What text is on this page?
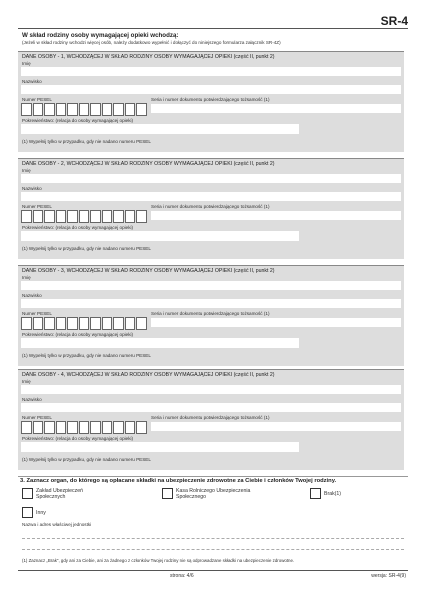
SR-4
W skład rodziny osoby wymagającej opieki wchodzą:
(Jeżeli w skład rodziny wchodzi więcej osób, należy dodatkowo wypełnić i dołączyć do niniejszego formularza załącznik SR-4Z)
DANE OSOBY - 1, WCHODZĄCEJ W SKŁAD RODZINY OSOBY WYMAGAJĄCEJ OPIEKI (część II, punkt 2)
Imię
Nazwisko
Numer PESEL	Seria i numer dokumentu potwierdzającego tożsamość (1)
Pokrewieństwo: (relacja do osoby wymagającej opieki)
(1) Wypełnij tylko w przypadku, gdy nie nadano numeru PESEL
DANE OSOBY - 2, WCHODZĄCEJ W SKŁAD RODZINY OSOBY WYMAGAJĄCEJ OPIEKI (część II, punkt 2)
Imię
Nazwisko
Numer PESEL	Seria i numer dokumentu potwierdzającego tożsamość (1)
Pokrewieństwo: (relacja do osoby wymagającej opieki)
(1) Wypełnij tylko w przypadku, gdy nie nadano numeru PESEL
DANE OSOBY - 3, WCHODZĄCEJ W SKŁAD RODZINY OSOBY WYMAGAJĄCEJ OPIEKI (część II, punkt 2)
Imię
Nazwisko
Numer PESEL	Seria i numer dokumentu potwierdzającego tożsamość (1)
Pokrewieństwo: (relacja do osoby wymagającej opieki)
(1) Wypełnij tylko w przypadku, gdy nie nadano numeru PESEL
DANE OSOBY - 4, WCHODZĄCEJ W SKŁAD RODZINY OSOBY WYMAGAJĄCEJ OPIEKI (część II, punkt 2)
Imię
Nazwisko
Numer PESEL	Seria i numer dokumentu potwierdzającego tożsamość (1)
Pokrewieństwo: (relacja do osoby wymagającej opieki)
(1) Wypełnij tylko w przypadku, gdy nie nadano numeru PESEL
3. Zaznacz organ, do którego są opłacane składki na ubezpieczenie zdrowotne za Ciebie i członków Twojej rodziny.
Zakład Ubezpieczeń Społecznych
Kasa Rolniczego Ubezpieczenia Społecznego
Brak(1)
Inny
Nazwa i adres właściwej jednostki
(1) Zaznacz „Brak", gdy ani za Ciebie, ani za żadnego z członków Twojej rodziny nie są odprowadzane składki na ubezpieczenie zdrowotne.
strona: 4/6	wersja: SR-4(9)
